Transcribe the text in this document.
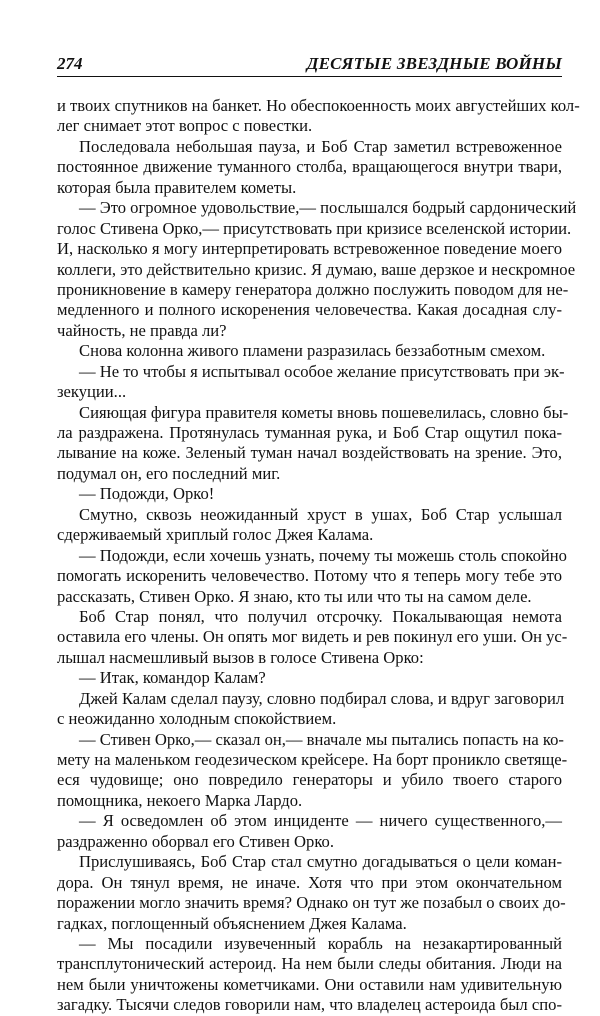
274	ДЕСЯТЫЕ ЗВЕЗДНЫЕ ВОЙНЫ
и твоих спутников на банкет. Но обеспокоенность моих августейших кол-
лег снимает этот вопрос с повестки.
Последовала небольшая пауза, и Боб Стар заметил встревоженное
постоянное движение туманного столба, вращающегося внутри твари,
которая была правителем кометы.
— Это огромное удовольствие,— послышался бодрый сардонический
голос Стивена Орко,— присутствовать при кризисе вселенской истории.
И, насколько я могу интерпретировать встревоженное поведение моего
коллеги, это действительно кризис. Я думаю, ваше дерзкое и нескромное
проникновение в камеру генератора должно послужить поводом для не-
медленного и полного искоренения человечества. Какая досадная слу-
чайность, не правда ли?
Снова колонна живого пламени разразилась беззаботным смехом.
— Не то чтобы я испытывал особое желание присутствовать при эк-
зекуции...
Сияющая фигура правителя кометы вновь пошевелилась, словно бы-
ла раздражена. Протянулась туманная рука, и Боб Стар ощутил пока-
лывание на коже. Зеленый туман начал воздействовать на зрение. Это,
подумал он, его последний миг.
— Подожди, Орко!
Смутно, сквозь неожиданный хруст в ушах, Боб Стар услышал
сдерживаемый хриплый голос Джея Калама.
— Подожди, если хочешь узнать, почему ты можешь столь спокойно
помогать искоренить человечество. Потому что я теперь могу тебе это
рассказать, Стивен Орко. Я знаю, кто ты или что ты на самом деле.
Боб Стар понял, что получил отсрочку. Покалывающая немота
оставила его члены. Он опять мог видеть и рев покинул его уши. Он ус-
лышал насмешливый вызов в голосе Стивена Орко:
— Итак, командор Калам?
Джей Калам сделал паузу, словно подбирал слова, и вдруг заговорил
с неожиданно холодным спокойствием.
— Стивен Орко,— сказал он,— вначале мы пытались попасть на ко-
мету на маленьком геодезическом крейсере. На борт проникло светяще-
еся чудовище; оно повредило генераторы и убило твоего старого
помощника, некоего Марка Лардо.
— Я осведомлен об этом инциденте — ничего существенного,—
раздраженно оборвал его Стивен Орко.
Прислушиваясь, Боб Стар стал смутно догадываться о цели коман-
дора. Он тянул время, не иначе. Хотя что при этом окончательном
поражении могло значить время? Однако он тут же позабыл о своих до-
гадках, поглощенный объяснением Джея Калама.
— Мы посадили изувеченный корабль на незакартированный
трансплутонический астероид. На нем были следы обитания. Люди на
нем были уничтожены кометчиками. Они оставили нам удивительную
загадку. Тысячи следов говорили нам, что владелец астероида был спо-
